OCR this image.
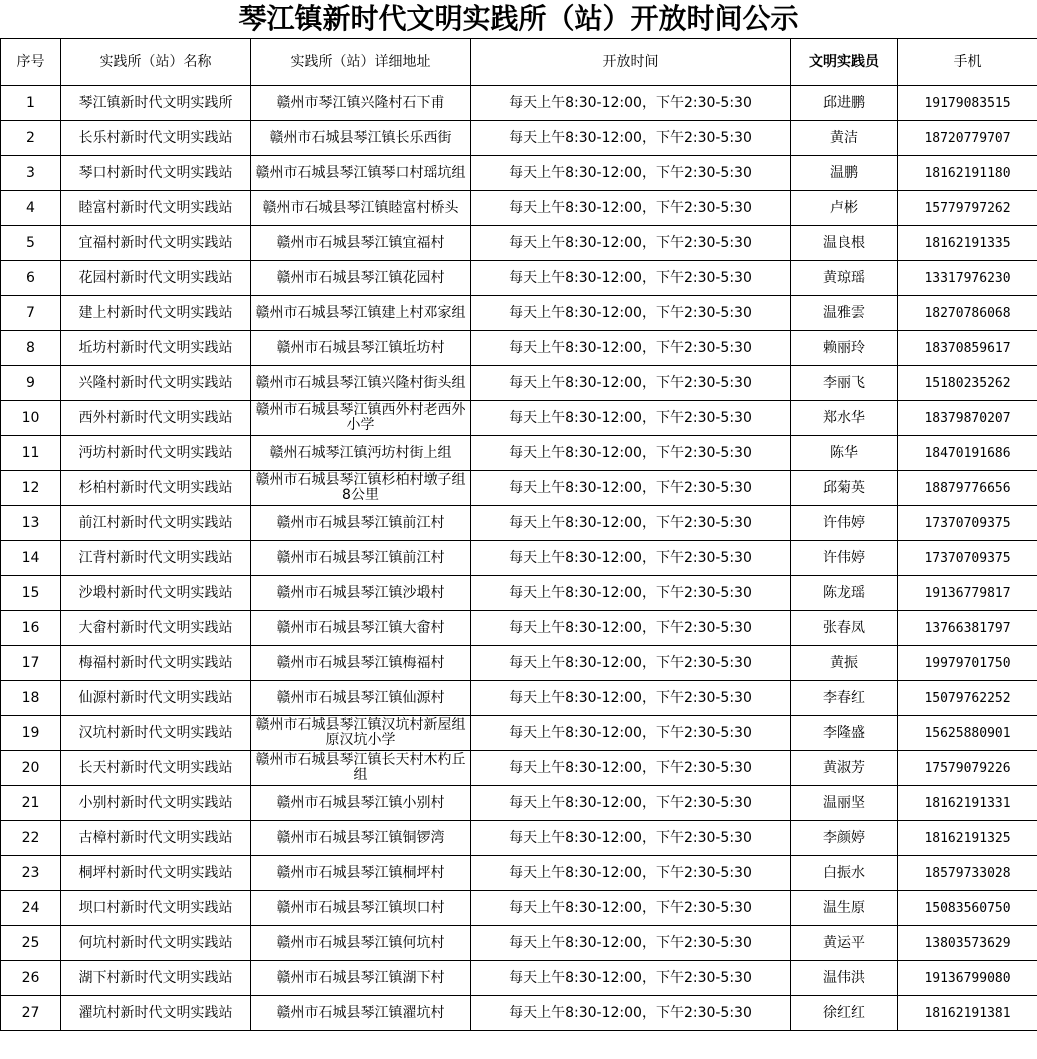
琴江镇新时代文明实践所（站）开放时间公示
序号	实践所（站）名称	实践所（站）详细地址	开放时间	文明实践员	手机
1	琴江镇新时代文明实践所	赣州市琴江镇兴隆村石下甫	每天上午8:30-12:00，下午2:30-5:30	邱进鹏	19179083515
2	长乐村新时代文明实践站	赣州市石城县琴江镇长乐西街	每天上午8:30-12:00，下午2:30-5:30	黄洁	18720779707
3	琴口村新时代文明实践站	赣州市石城县琴江镇琴口村瑶坑组	每天上午8:30-12:00，下午2:30-5:30	温鹏	18162191180
4	睦富村新时代文明实践站	赣州市石城县琴江镇睦富村桥头	每天上午8:30-12:00，下午2:30-5:30	卢彬	15779797262
5	宜福村新时代文明实践站	赣州市石城县琴江镇宜福村	每天上午8:30-12:00，下午2:30-5:30	温良根	18162191335
6	花园村新时代文明实践站	赣州市石城县琴江镇花园村	每天上午8:30-12:00，下午2:30-5:30	黄琼瑶	13317976230
7	建上村新时代文明实践站	赣州市石城县琴江镇建上村邓家组	每天上午8:30-12:00，下午2:30-5:30	温雅雲	18270786068
8	坵坊村新时代文明实践站	赣州市石城县琴江镇坵坊村	每天上午8:30-12:00，下午2:30-5:30	赖丽玲	18370859617
9	兴隆村新时代文明实践站	赣州市石城县琴江镇兴隆村街头组	每天上午8:30-12:00，下午2:30-5:30	李丽飞	15180235262
10	西外村新时代文明实践站	赣州市石城县琴江镇西外村老西外小学	每天上午8:30-12:00，下午2:30-5:30	郑水华	18379870207
11	沔坊村新时代文明实践站	赣州石城琴江镇沔坊村街上组	每天上午8:30-12:00，下午2:30-5:30	陈华	18470191686
12	杉柏村新时代文明实践站	赣州市石城县琴江镇杉柏村墩子组8公里	每天上午8:30-12:00，下午2:30-5:30	邱菊英	18879776656
13	前江村新时代文明实践站	赣州市石城县琴江镇前江村	每天上午8:30-12:00，下午2:30-5:30	许伟婷	17370709375
14	江背村新时代文明实践站	赣州市石城县琴江镇前江村	每天上午8:30-12:00，下午2:30-5:30	许伟婷	17370709375
15	沙塅村新时代文明实践站	赣州市石城县琴江镇沙塅村	每天上午8:30-12:00，下午2:30-5:30	陈龙瑶	19136779817
16	大畲村新时代文明实践站	赣州市石城县琴江镇大畲村	每天上午8:30-12:00，下午2:30-5:30	张春凤	13766381797
17	梅福村新时代文明实践站	赣州市石城县琴江镇梅福村	每天上午8:30-12:00，下午2:30-5:30	黄振	19979701750
18	仙源村新时代文明实践站	赣州市石城县琴江镇仙源村	每天上午8:30-12:00，下午2:30-5:30	李春红	15079762252
19	汉坑村新时代文明实践站	赣州市石城县琴江镇汉坑村新屋组原汉坑小学	每天上午8:30-12:00，下午2:30-5:30	李隆盛	15625880901
20	长天村新时代文明实践站	赣州市石城县琴江镇长天村木杓丘组	每天上午8:30-12:00，下午2:30-5:30	黄淑芳	17579079226
21	小别村新时代文明实践站	赣州市石城县琴江镇小别村	每天上午8:30-12:00，下午2:30-5:30	温丽坚	18162191331
22	古樟村新时代文明实践站	赣州市石城县琴江镇铜锣湾	每天上午8:30-12:00，下午2:30-5:30	李颜婷	18162191325
23	桐坪村新时代文明实践站	赣州市石城县琴江镇桐坪村	每天上午8:30-12:00，下午2:30-5:30	白振水	18579733028
24	坝口村新时代文明实践站	赣州市石城县琴江镇坝口村	每天上午8:30-12:00，下午2:30-5:30	温生原	15083560750
25	何坑村新时代文明实践站	赣州市石城县琴江镇何坑村	每天上午8:30-12:00，下午2:30-5:30	黄运平	13803573629
26	湖下村新时代文明实践站	赣州市石城县琴江镇湖下村	每天上午8:30-12:00，下午2:30-5:30	温伟洪	19136799080
27	濯坑村新时代文明实践站	赣州市石城县琴江镇濯坑村	每天上午8:30-12:00，下午2:30-5:30	徐红红	18162191381
